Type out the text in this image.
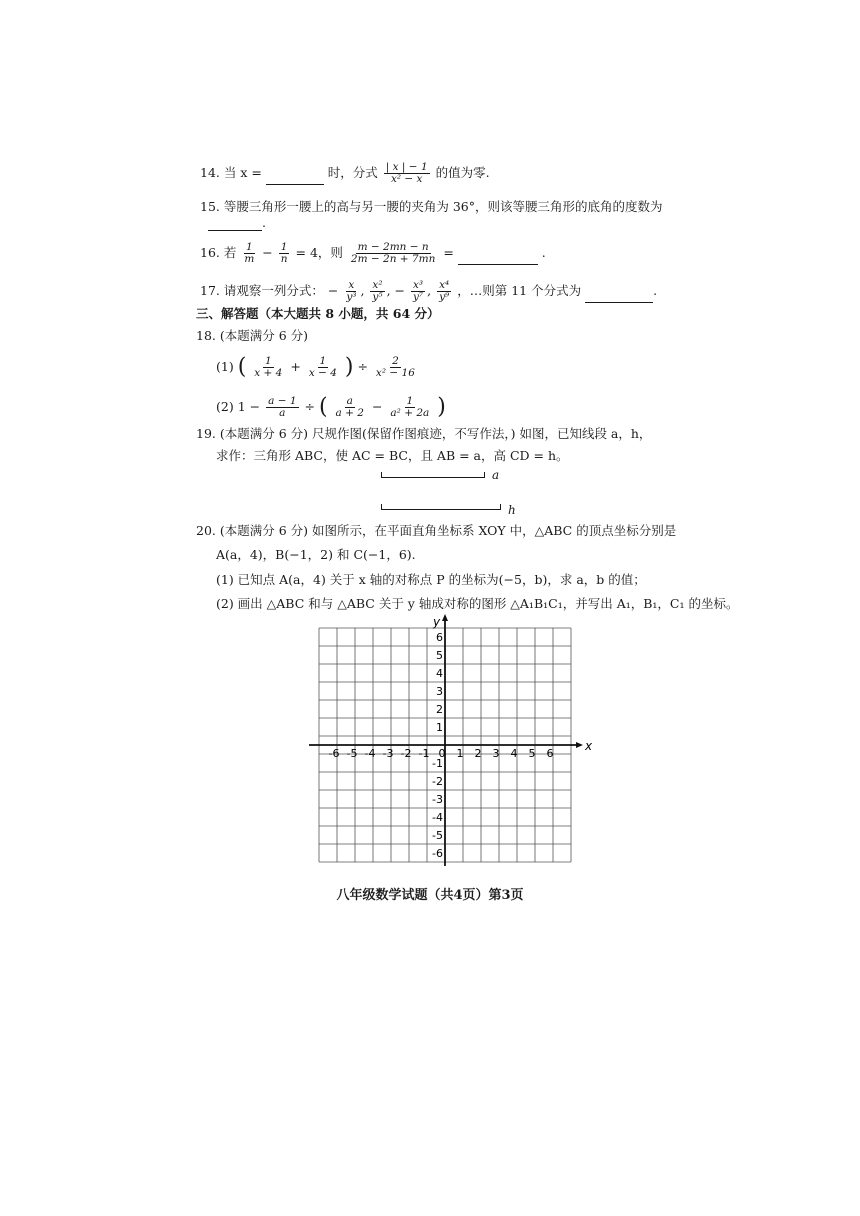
14. 当 x =	时，分式 $\frac{| x | - 1}{\text{x² − x}}$ 的值为零.
15. 等腰三角形一腰上的高与另一腰的夹角为 36°，则该等腰三角形的底角的度数为
.
16. 若 $\frac{1}{m} - \frac{1}{n} = 4$，则 $\frac{m - 2mn - n}{2m - 2n + 7mn}$ =	.
17. 请观察一列分式： − $\frac{x}{\text{y³}}$ , $\frac{\text{x²}}{\text{y⁵}}$ , − $\frac{\text{x³}}{\text{y⁷}}$ , $\frac{\text{x⁴}}{\text{y⁹}}$ ，…则第 11 个分式为	.
三、解答题（本大题共 8 小题，共 64 分）
18. (本题满分 6 分)
(1) ( $\frac{1}{x + 4} + \frac{1}{x - 4}$ ) ÷ $\frac{2}{\text{x² − 16}}$
(2) $1 - \frac{a - 1}{a}$ ÷ ( $\frac{a}{a + 2} - \frac{1}{\text{a² + 2a}}$ )
19. (本题满分 6 分) 尺规作图(保留作图痕迹，不写作法，) 如图，已知线段 a，h，
求作：三角形 ABC，使 AC = BC，且 AB = a，高 CD = h。
a
h
20. (本题满分 6 分) 如图所示，在平面直角坐标系 XOY 中，△ABC 的顶点坐标分别是
A(a，4)，B(−1，2) 和 C(−1，6).
(1) 已知点 A(a，4) 关于 x 轴的对称点 P 的坐标为(−5，b)，求 a，b 的值；
(2) 画出 △ABC 和与 △ABC 关于 y 轴成对称的图形 △A₁B₁C₁，并写出 A₁，B₁，C₁ 的坐标。
x
y
-6 -5 -4 -3 -2 -1 0 1 2 3 4 5 6
6
5
4
3
2
1
-1
-2
-3
-4
-5
-6
八年级数学试题（共4页）第3页
